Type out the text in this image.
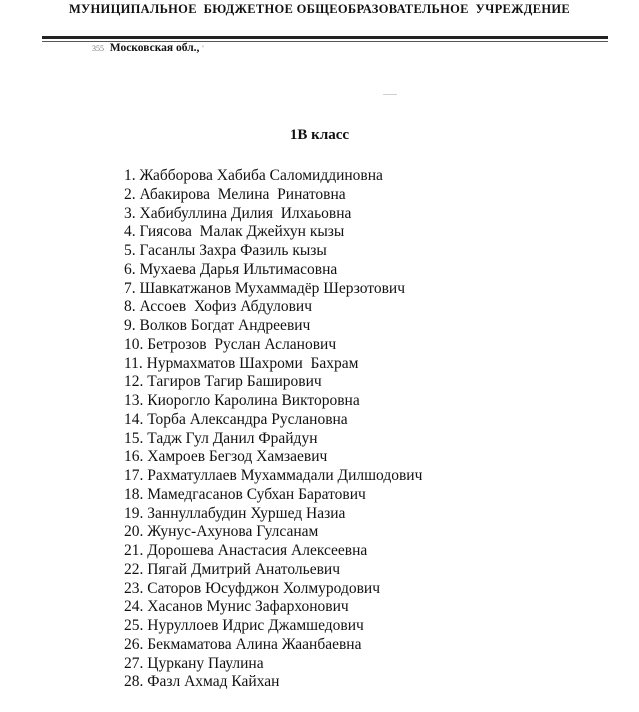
МУНИЦИПАЛЬНОЕ  БЮДЖЕТНОЕ ОБЩЕОБРАЗОВАТЕЛЬНОЕ  УЧРЕЖДЕНИЕ
355 Московская обл., '
1В класс
1. Жабборова Хабиба Саломиддиновна
2. Абакирова  Мелина  Ринатовна
3. Хабибуллина Дилия  Илхаьовна
4. Гиясова  Малак Джейхун кызы
5. Гасанлы Захра Фазиль кызы
6. Мухаева Дарья Ильтимасовна
7. Шавкатжанов Мухаммадёр Шерзотович
8. Ассоев  Хофиз Абдулович
9. Волков Богдат Андреевич
10. Бетрозов  Руслан Асланович
11. Нурмахматов Шахроми  Бахрам
12. Тагиров Тагир Баширович
13. Киорогло Каролина Викторовна
14. Торба Александра Руслановна
15. Тадж Гул Данил Фрайдун
16. Хамроев Бегзод Хамзаевич
17. Рахматуллаев Мухаммадали Дилшодович
18. Мамедгасанов Субхан Баратович
19. Заннуллабудин Хуршед Назиа
20. Жунус-Ахунова Гулсанам
21. Дорошева Анастасия Алексеевна
22. Пягай Дмитрий Анатольевич
23. Саторов Юсуфджон Холмуродович
24. Хасанов Мунис Зафархонович
25. Нуруллоев Идрис Джамшедович
26. Бекмаматова Алина Жаанбаевна
27. Цуркану Паулина
28. Фазл Ахмад Кайхан
